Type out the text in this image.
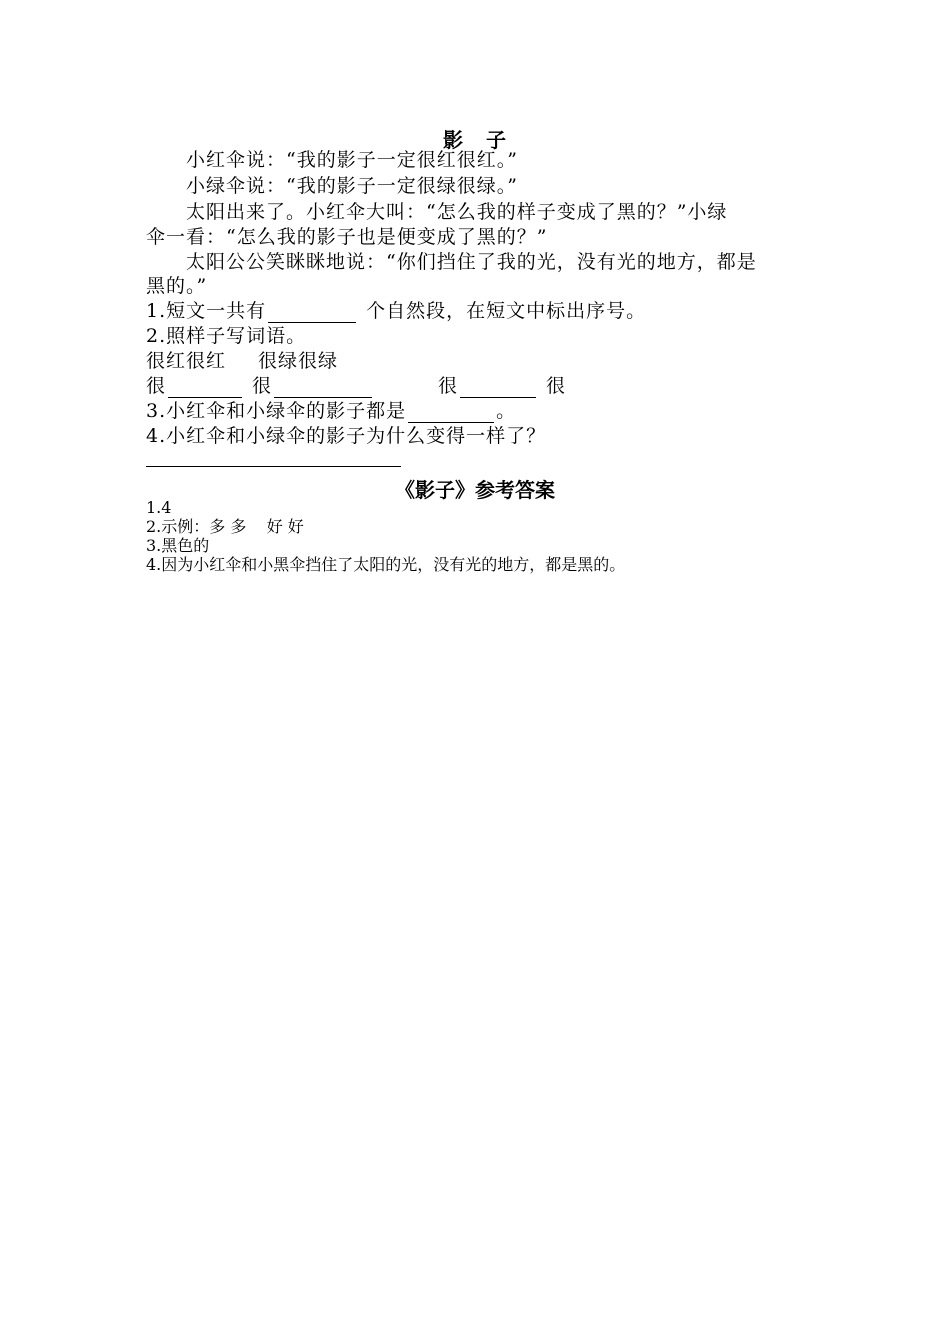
影 子
小红伞说：“我的影子一定很红很红。”
小绿伞说：“我的影子一定很绿很绿。”
太阳出来了。小红伞大叫：“怎么我的样子变成了黑的？”小绿
伞一看：“怎么我的影子也是便变成了黑的？”
太阳公公笑眯眯地说：“你们挡住了我的光，没有光的地方，都是
黑的。”
1.短文一共有	个自然段，在短文中标出序号。
2.照样子写词语。
很红很红 很绿很绿
很	很	很	很
3.小红伞和小绿伞的影子都是	。
4.小红伞和小绿伞的影子为什么变得一样了？
《影子》参考答案
1.4
2.示例：多 多    好 好
3.黑色的
4.因为小红伞和小黑伞挡住了太阳的光，没有光的地方，都是黑的。
